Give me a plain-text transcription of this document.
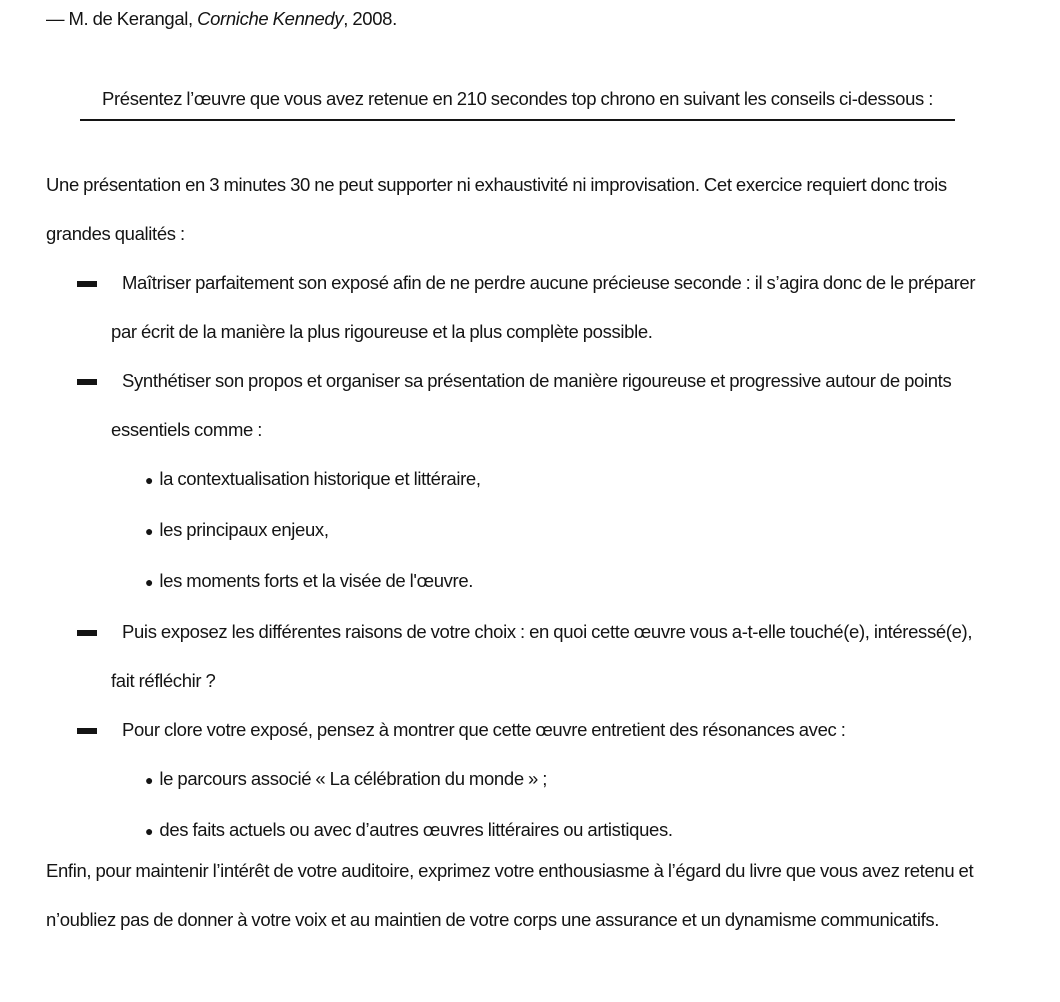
— M. de Kerangal, Corniche Kennedy, 2008.
Présentez l’œuvre que vous avez retenue en 210 secondes top chrono en suivant les conseils ci-dessous :
Une présentation en 3 minutes 30 ne peut supporter ni exhaustivité ni improvisation. Cet exercice requiert donc trois grandes qualités :
Maîtriser parfaitement son exposé afin de ne perdre aucune précieuse seconde : il s’agira donc de le préparer par écrit de la manière la plus rigoureuse et la plus complète possible.
Synthétiser son propos et organiser sa présentation de manière rigoureuse et progressive autour de points essentiels comme :
● la contextualisation historique et littéraire,
● les principaux enjeux,
● les moments forts et la visée de l'œuvre.
Puis exposez les différentes raisons de votre choix : en quoi cette œuvre vous a-t-elle touché(e), intéressé(e), fait réfléchir ?
Pour clore votre exposé, pensez à montrer que cette œuvre entretient des résonances avec :
● le parcours associé « La célébration du monde » ;
● des faits actuels ou avec d’autres œuvres littéraires ou artistiques.
Enfin, pour maintenir l’intérêt de votre auditoire, exprimez votre enthousiasme à l’égard du livre que vous avez retenu et n’oubliez pas de donner à votre voix et au maintien de votre corps une assurance et un dynamisme communicatifs.
